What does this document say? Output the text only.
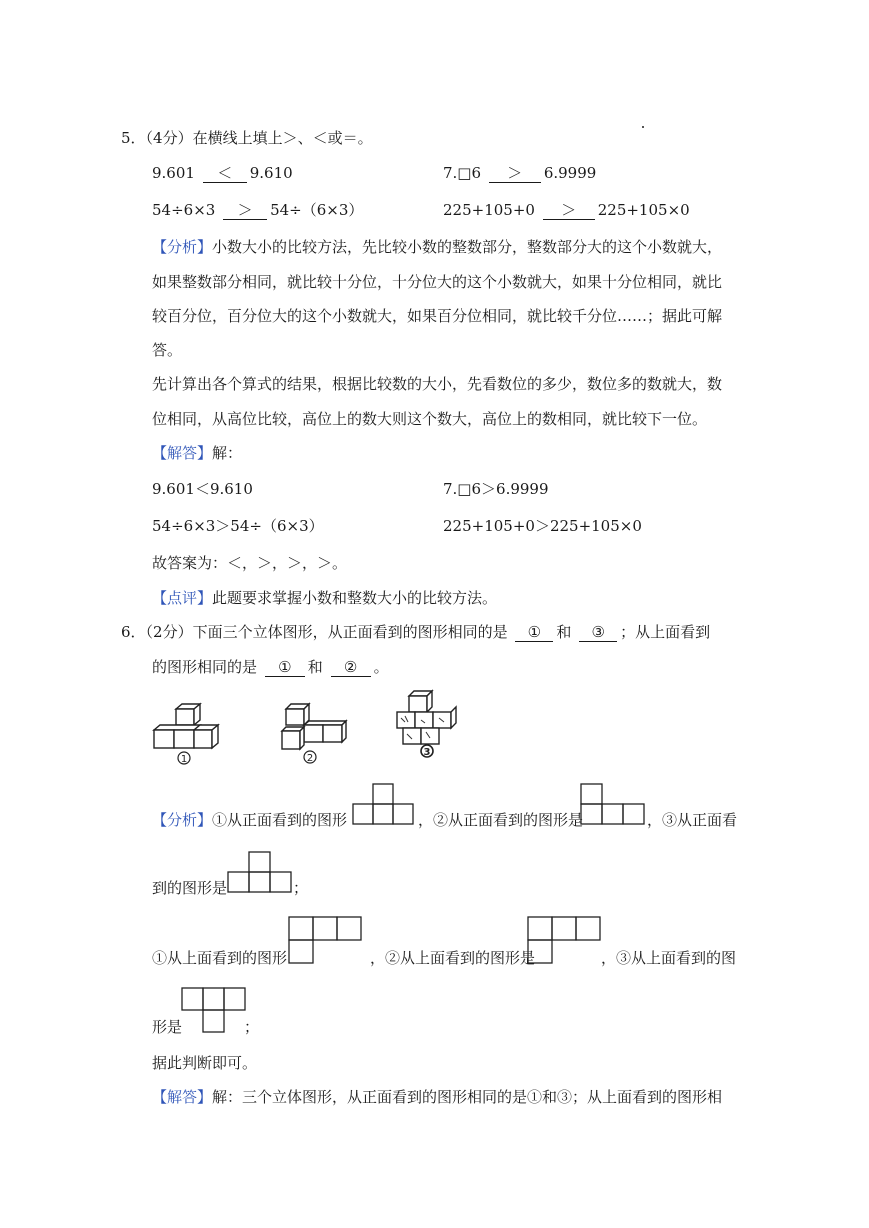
5．（4分）在横线上填上＞、＜或＝。
9.601 ＜ 9.610	7.□6 ＞ 6.9999
54÷6×3 ＞ 54÷（6×3）	225+105+0 ＞ 225+105×0
【分析】小数大小的比较方法，先比较小数的整数部分，整数部分大的这个小数就大，
如果整数部分相同，就比较十分位，十分位大的这个小数就大，如果十分位相同，就比
较百分位，百分位大的这个小数就大，如果百分位相同，就比较千分位……；据此可解
答。
先计算出各个算式的结果，根据比较数的大小，先看数位的多少，数位多的数就大，数
位相同，从高位比较，高位上的数大则这个数大，高位上的数相同，就比较下一位。
【解答】解：
9.601＜9.610	7.□6＞6.9999
54÷6×3＞54÷（6×3）	225+105+0＞225+105×0
故答案为：＜，＞，＞，＞。
【点评】此题要求掌握小数和整数大小的比较方法。
6．（2分）下面三个立体图形，从正面看到的图形相同的是 ① 和 ③ ；从上面看到
的图形相同的是 ① 和 ② 。
1	2
3
【分析】①从正面看到的图形	，②从正面看到的图形是	，③从正面看
到的图形是	；
①从上面看到的图形	，②从上面看到的图形是	，③从上面看到的图
形是	；
据此判断即可。
【解答】解：三个立体图形，从正面看到的图形相同的是①和③；从上面看到的图形相
